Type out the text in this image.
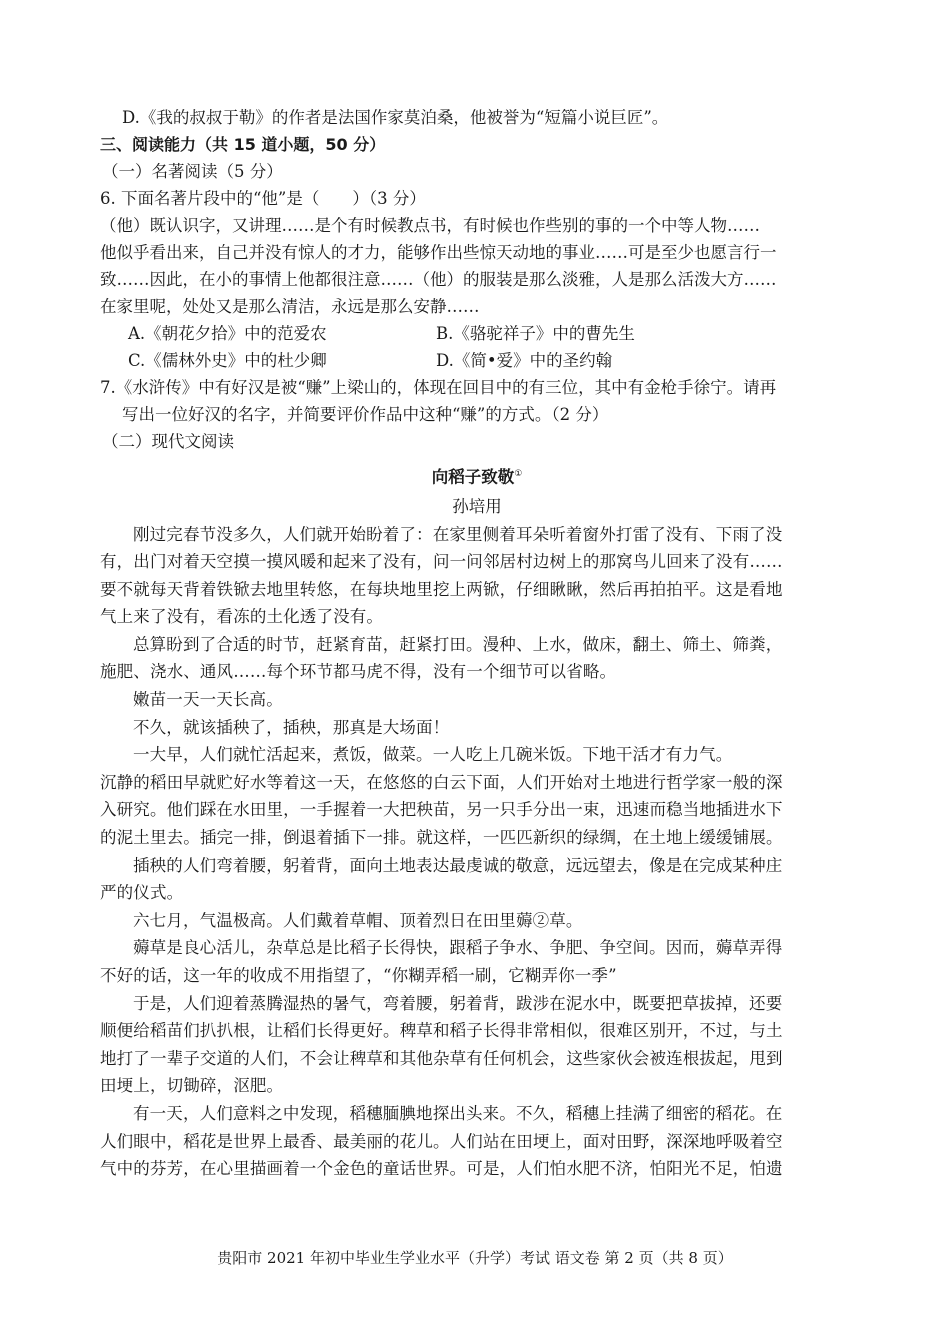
D.《我的叔叔于勒》的作者是法国作家莫泊桑，他被誉为“短篇小说巨匠”。

三、阅读能力（共 15 道小题，50 分）

（一）名著阅读（5 分）

6. 下面名著片段中的“他”是（　　）（3 分）

（他）既认识字，又讲理……是个有时候教点书，有时候也作些别的事的一个中等人物……

他似乎看出来，自己并没有惊人的才力，能够作出些惊天动地的事业……可是至少也愿言行一

致……因此，在小的事情上他都很注意……（他）的服装是那么淡雅，人是那么活泼大方……

在家里呢，处处又是那么清洁，永远是那么安静……

A.《朝花夕拾》中的范爱农	B.《骆驼祥子》中的曹先生
C.《儒林外史》中的杜少卿	D.《简•爱》中的圣约翰

7.《水浒传》中有好汉是被“赚”上梁山的，体现在回目中的有三位，其中有金枪手徐宁。请再

写出一位好汉的名字，并简要评价作品中这种“赚”的方式。（2 分）

（二）现代文阅读

向稻子致敬①
孙培用

刚过完春节没多久，人们就开始盼着了：在家里侧着耳朵听着窗外打雷了没有、下雨了没

有，出门对着天空摸一摸风暖和起来了没有，问一问邻居村边树上的那窝鸟儿回来了没有……

要不就每天背着铁锨去地里转悠，在每块地里挖上两锨，仔细瞅瞅，然后再拍拍平。这是看地

气上来了没有，看冻的土化透了没有。

总算盼到了合适的时节，赶紧育苗，赶紧打田。漫种、上水，做床，翻土、筛土、筛粪，

施肥、浇水、通风……每个环节都马虎不得，没有一个细节可以省略。

嫩苗一天一天长高。

不久，就该插秧了，插秧，那真是大场面！

一大早，人们就忙活起来，煮饭，做菜。一人吃上几碗米饭。下地干活才有力气。

沉静的稻田早就贮好水等着这一天，在悠悠的白云下面，人们开始对土地进行哲学家一般的深

入研究。他们踩在水田里，一手握着一大把秧苗，另一只手分出一束，迅速而稳当地插进水下

的泥土里去。插完一排，倒退着插下一排。就这样，一匹匹新织的绿绸，在土地上缓缓铺展。

插秧的人们弯着腰，躬着背，面向土地表达最虔诚的敬意，远远望去，像是在完成某种庄

严的仪式。

六七月，气温极高。人们戴着草帽、顶着烈日在田里薅②草。

薅草是良心活儿，杂草总是比稻子长得快，跟稻子争水、争肥、争空间。因而，薅草弄得

不好的话，这一年的收成不用指望了，“你糊弄稻一刷，它糊弄你一季”

于是，人们迎着蒸腾湿热的暑气，弯着腰，躬着背，跋涉在泥水中，既要把草拔掉，还要

顺便给稻苗们扒扒根，让稻们长得更好。稗草和稻子长得非常相似，很难区别开，不过，与土

地打了一辈子交道的人们，不会让稗草和其他杂草有任何机会，这些家伙会被连根拔起，甩到

田埂上，切锄碎，沤肥。

有一天，人们意料之中发现，稻穗腼腆地探出头来。不久，稻穗上挂满了细密的稻花。在

人们眼中，稻花是世界上最香、最美丽的花儿。人们站在田埂上，面对田野，深深地呼吸着空

气中的芬芳，在心里描画着一个金色的童话世界。可是，人们怕水肥不济，怕阳光不足，怕遗

贵阳市 2021 年初中毕业生学业水平（升学）考试 语文卷 第 2 页（共 8 页）
